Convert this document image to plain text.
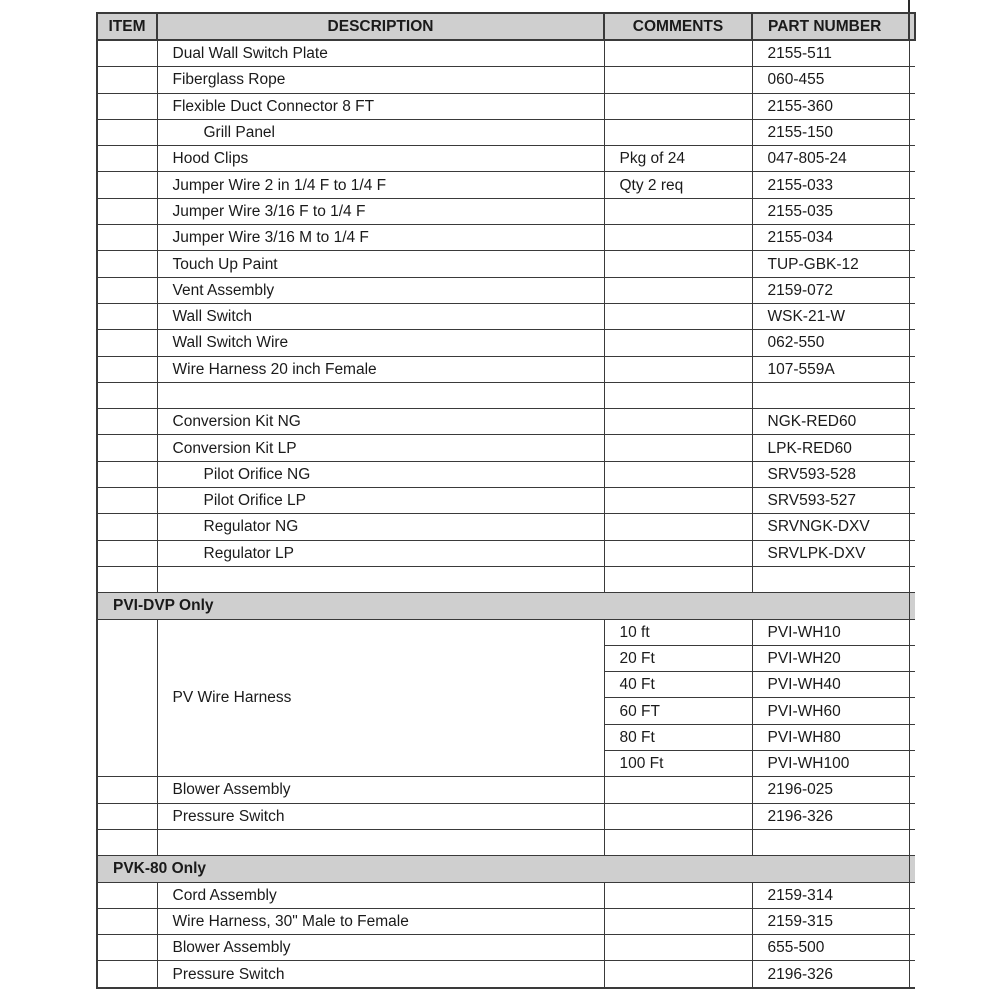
ITEM	DESCRIPTION	COMMENTS	PART NUMBER	
	Dual Wall Switch Plate		2155-511	
	Fiberglass Rope		060-455	
	Flexible Duct Connector 8 FT		2155-360	
	Grill Panel		2155-150	
	Hood Clips	Pkg of 24	047-805-24	
	Jumper Wire 2 in 1/4 F to 1/4 F	Qty 2 req	2155-033	
	Jumper Wire 3/16 F to 1/4 F		2155-035	
	Jumper Wire 3/16 M to 1/4 F		2155-034	
	Touch Up Paint		TUP-GBK-12	
	Vent Assembly		2159-072	
	Wall Switch		WSK-21-W	
	Wall Switch Wire		062-550	
	Wire Harness 20 inch Female		107-559A	

	Conversion Kit NG		NGK-RED60	
	Conversion Kit LP		LPK-RED60	
	Pilot Orifice NG		SRV593-528	
	Pilot Orifice LP		SRV593-527	
	Regulator NG		SRVNGK-DXV	
	Regulator LP		SRVLPK-DXV	

PVI-DVP Only				
	PV Wire Harness	10 ft	PVI-WH10	
		20 Ft	PVI-WH20	
		40 Ft	PVI-WH40	
		60 FT	PVI-WH60	
		80 Ft	PVI-WH80	
		100 Ft	PVI-WH100	
	Blower Assembly		2196-025	
	Pressure Switch		2196-326	

PVK-80 Only				
	Cord Assembly		2159-314	
	Wire Harness, 30" Male to Female		2159-315	
	Blower Assembly		655-500	
	Pressure Switch		2196-326	
